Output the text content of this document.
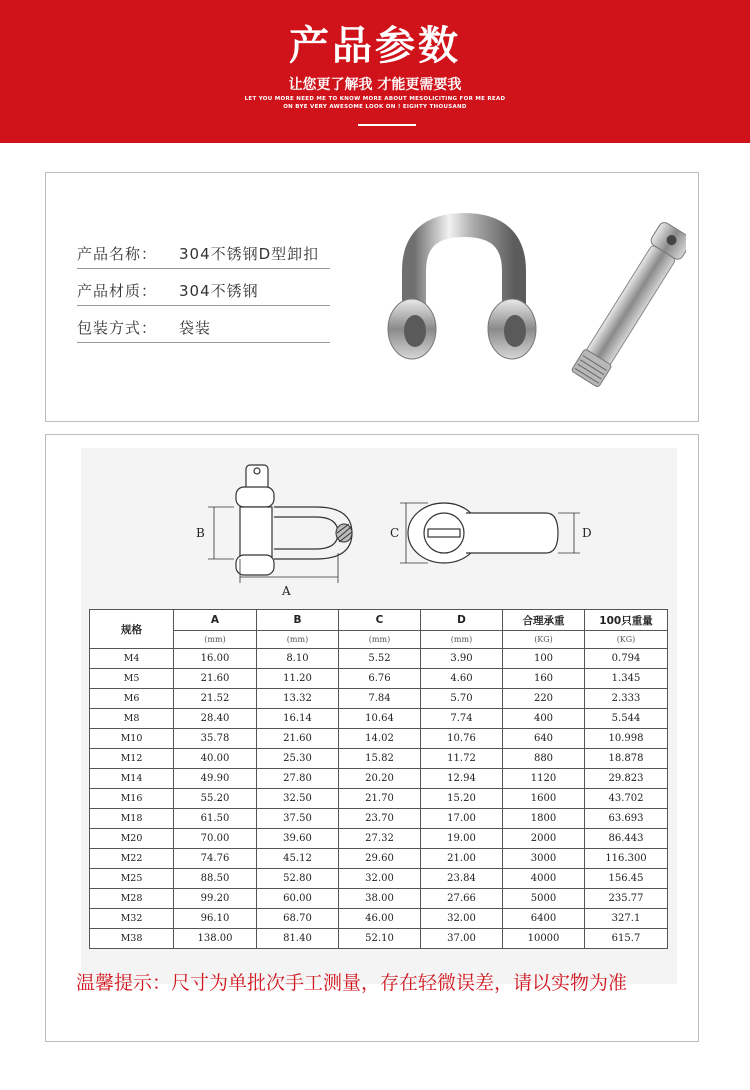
产品参数
让您更了解我 才能更需要我
LET YOU MORE NEED ME TO KNOW MORE ABOUT MESOLICITING FOR ME READ
ON BYE VERY AWESOME LOOK ON ! EIGHTY THOUSAND
产品名称： 304不锈钢D型卸扣
产品材质： 304不锈钢
包装方式： 袋装
B
A
C	D
规格	A	B	C	D	合理承重	100只重量
	(mm)	(mm)	(mm)	(mm)	(KG)	(KG)
M4	16.00	8.10	5.52	3.90	100	0.794
M5	21.60	11.20	6.76	4.60	160	1.345
M6	21.52	13.32	7.84	5.70	220	2.333
M8	28.40	16.14	10.64	7.74	400	5.544
M10	35.78	21.60	14.02	10.76	640	10.998
M12	40.00	25.30	15.82	11.72	880	18.878
M14	49.90	27.80	20.20	12.94	1120	29.823
M16	55.20	32.50	21.70	15.20	1600	43.702
M18	61.50	37.50	23.70	17.00	1800	63.693
M20	70.00	39.60	27.32	19.00	2000	86.443
M22	74.76	45.12	29.60	21.00	3000	116.300
M25	88.50	52.80	32.00	23.84	4000	156.45
M28	99.20	60.00	38.00	27.66	5000	235.77
M32	96.10	68.70	46.00	32.00	6400	327.1
M38	138.00	81.40	52.10	37.00	10000	615.7
温馨提示：尺寸为单批次手工测量，存在轻微误差，请以实物为准
